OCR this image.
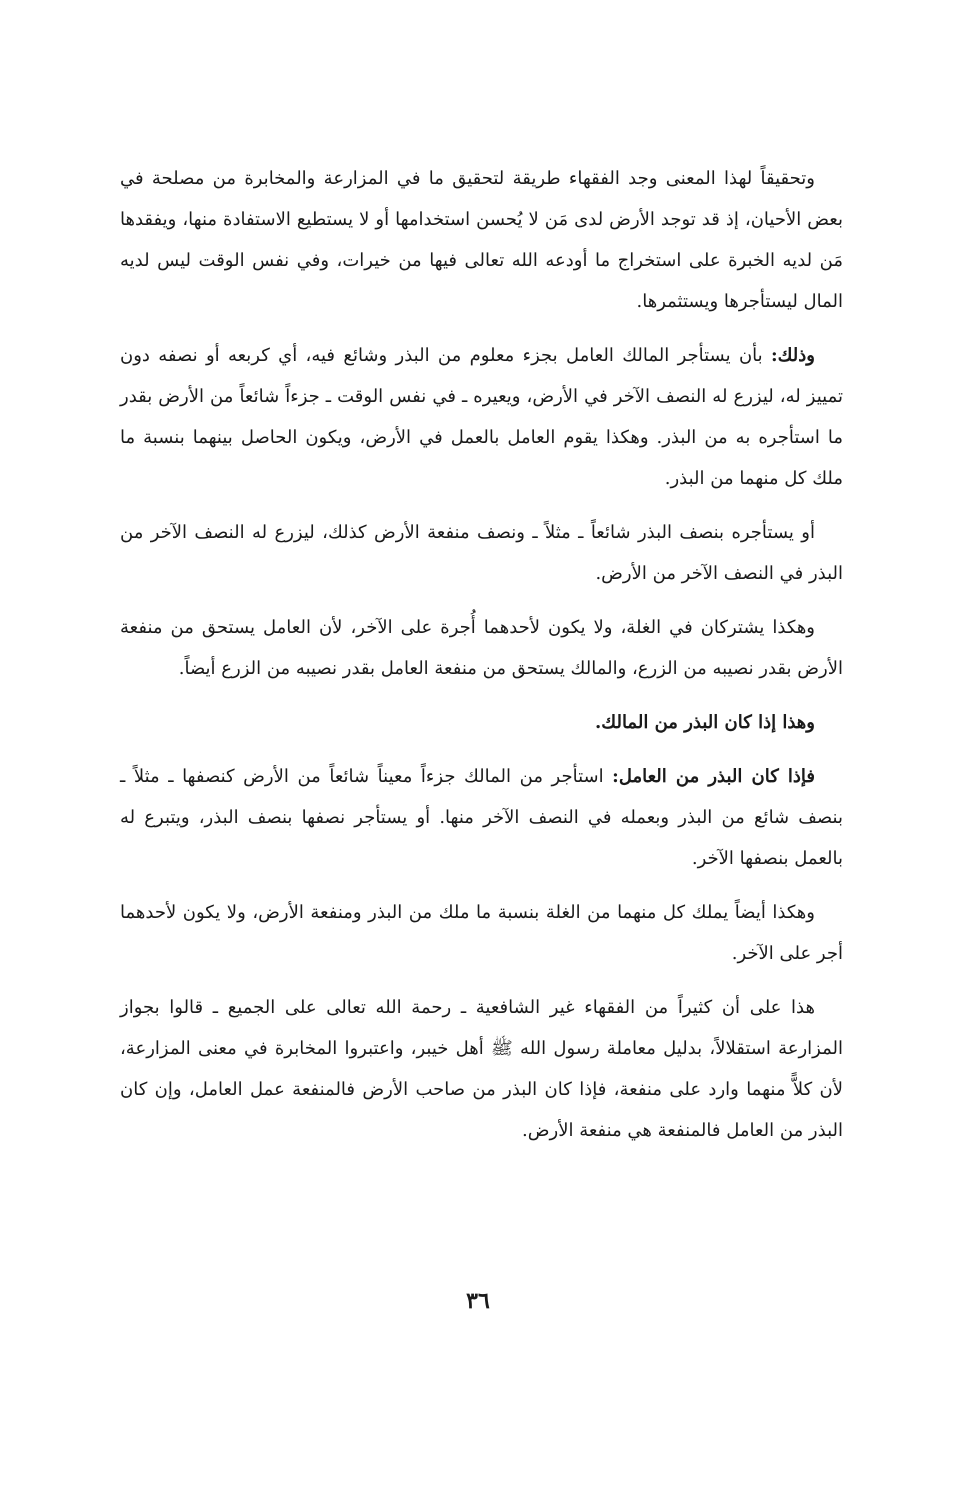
وتحقيقاً لهذا المعنى وجد الفقهاء طريقة لتحقيق ما في المزارعة والمخابرة من مصلحة في بعض الأحيان، إذ قد توجد الأرض لدى مَن لا يُحسن استخدامها أو لا يستطيع الاستفادة منها، ويفقدها مَن لديه الخبرة على استخراج ما أودعه الله تعالى فيها من خيرات، وفي نفس الوقت ليس لديه المال ليستأجرها ويستثمرها.

وذلك: بأن يستأجر المالك العامل بجزء معلوم من البذر وشائع فيه، أي كربعه أو نصفه دون تمييز له، ليزرع له النصف الآخر في الأرض، ويعيره ـ في نفس الوقت ـ جزءاً شائعاً من الأرض بقدر ما استأجره به من البذر. وهكذا يقوم العامل بالعمل في الأرض، ويكون الحاصل بينهما بنسبة ما ملك كل منهما من البذر.

أو يستأجره بنصف البذر شائعاً ـ مثلاً ـ ونصف منفعة الأرض كذلك، ليزرع له النصف الآخر من البذر في النصف الآخر من الأرض.

وهكذا يشتركان في الغلة، ولا يكون لأحدهما أُجرة على الآخر، لأن العامل يستحق من منفعة الأرض بقدر نصيبه من الزرع، والمالك يستحق من منفعة العامل بقدر نصيبه من الزرع أيضاً.

وهذا إذا كان البذر من المالك.

فإذا كان البذر من العامل: استأجر من المالك جزءاً معيناً شائعاً من الأرض كنصفها ـ مثلاً ـ بنصف شائع من البذر وبعمله في النصف الآخر منها. أو يستأجر نصفها بنصف البذر، ويتبرع له بالعمل بنصفها الآخر.

وهكذا أيضاً يملك كل منهما من الغلة بنسبة ما ملك من البذر ومنفعة الأرض، ولا يكون لأحدهما أجر على الآخر.

هذا على أن كثيراً من الفقهاء غير الشافعية ـ رحمة الله تعالى على الجميع ـ قالوا بجواز المزارعة استقلالاً، بدليل معاملة رسول الله ﷺ أهل خيبر، واعتبروا المخابرة في معنى المزارعة، لأن كلاًّ منهما وارد على منفعة، فإذا كان البذر من صاحب الأرض فالمنفعة عمل العامل، وإن كان البذر من العامل فالمنفعة هي منفعة الأرض.

٣٦
